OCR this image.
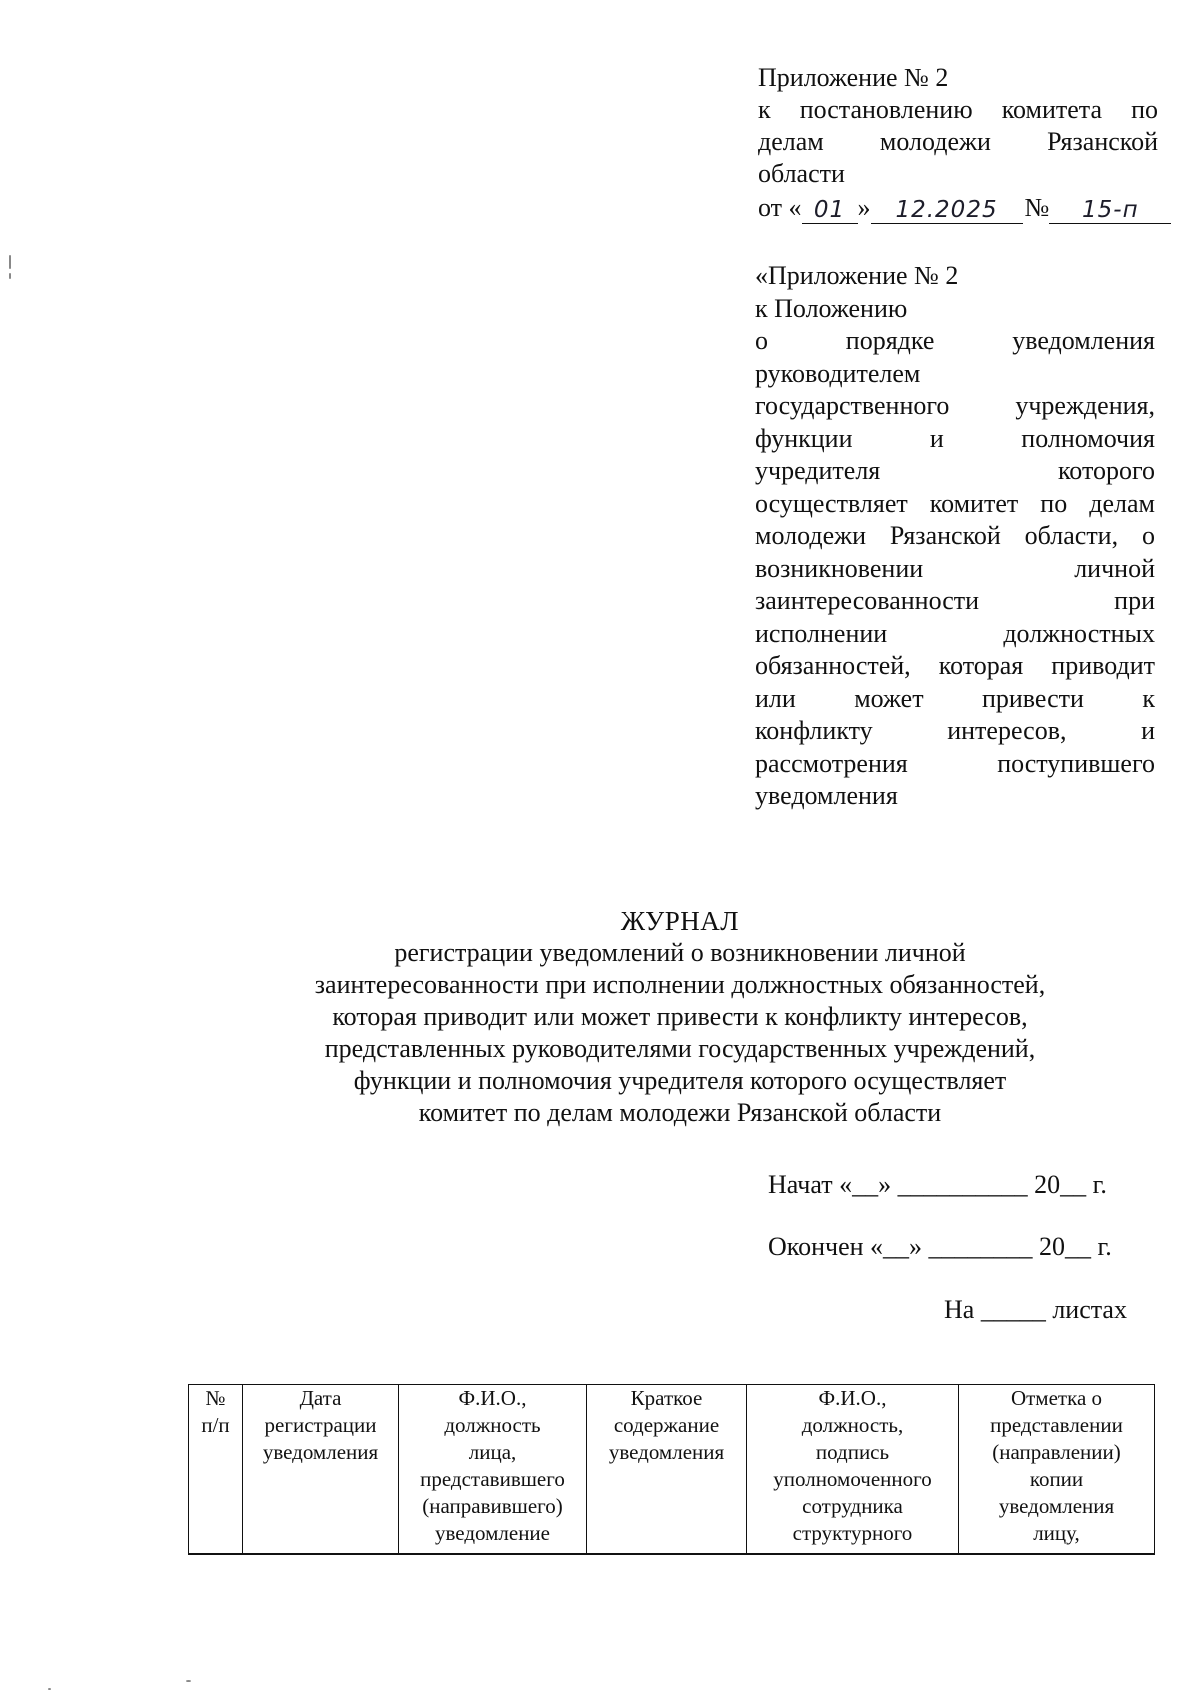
Приложение № 2
к постановлению комитета по
делам молодежи Рязанской
области
от « 01 »	12.2025	№	15-п
«Приложение № 2
к Положению
о порядке уведомления
руководителем
государственного учреждения,
функции и полномочия
учредителя которого
осуществляет комитет по делам
молодежи Рязанской области, о
возникновении личной
заинтересованности при
исполнении должностных
обязанностей, которая приводит
или может привести к
конфликту интересов, и
рассмотрения поступившего
уведомления
ЖУРНАЛ
регистрации уведомлений о возникновении личной
заинтересованности при исполнении должностных обязанностей,
которая приводит или может привести к конфликту интересов,
представленных руководителями государственных учреждений,
функции и полномочия учредителя которого осуществляет
комитет по делам молодежи Рязанской области
Начат «__» __________ 20__ г.
Окончен «__» ________ 20__ г.
На _____ листах
№
п/п

Дата
регистрации
уведомления

Ф.И.О.,
должность
лица,
представившего
(направившего)
уведомление

Краткое
содержание
уведомления

Ф.И.О.,
должность,
подпись
уполномоченного
сотрудника
структурного

Отметка о
представлении
(направлении)
копии
уведомления
лицу,
